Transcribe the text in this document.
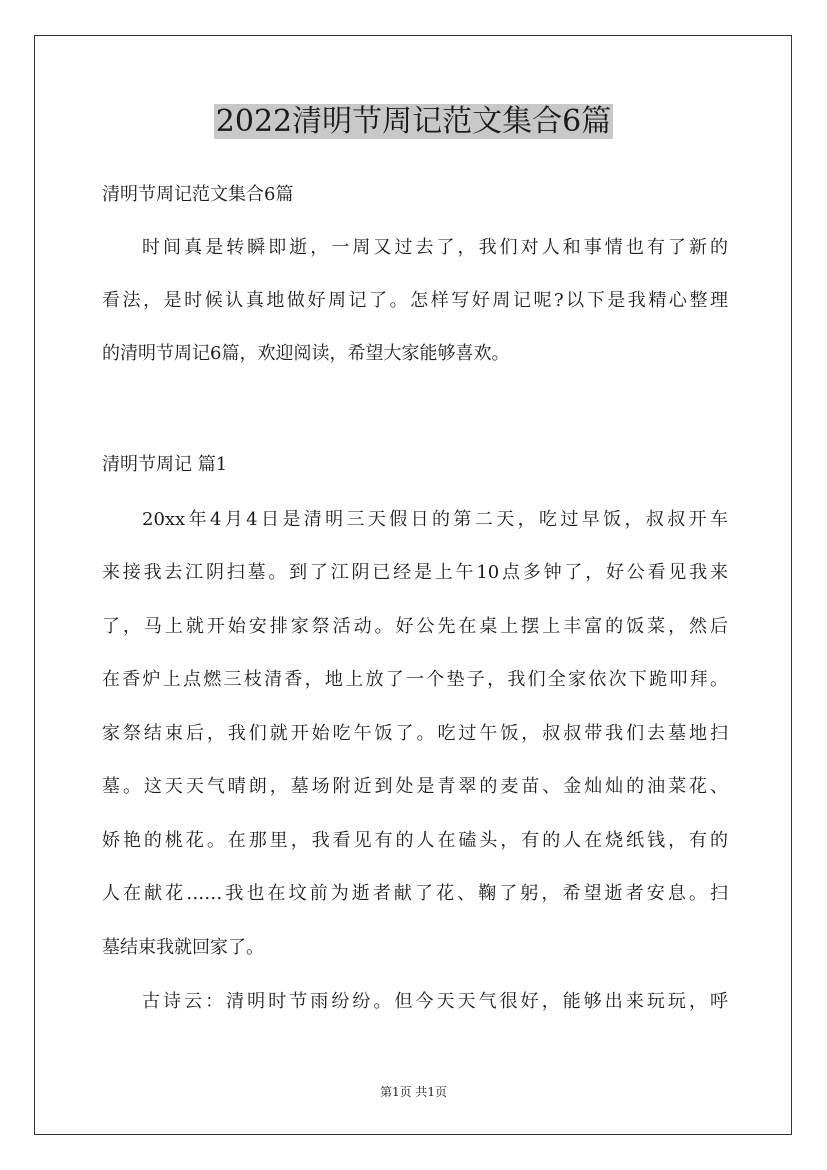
2022清明节周记范文集合6篇
清明节周记范文集合6篇
时间真是转瞬即逝，一周又过去了，我们对人和事情也有了新的
看法，是时候认真地做好周记了。怎样写好周记呢?以下是我精心整理
的清明节周记6篇，欢迎阅读，希望大家能够喜欢。
清明节周记 篇1
20xx年4月4日是清明三天假日的第二天，吃过早饭，叔叔开车
来接我去江阴扫墓。到了江阴已经是上午10点多钟了，好公看见我来
了，马上就开始安排家祭活动。好公先在桌上摆上丰富的饭菜，然后
在香炉上点燃三枝清香，地上放了一个垫子，我们全家依次下跪叩拜。
家祭结束后，我们就开始吃午饭了。吃过午饭，叔叔带我们去墓地扫
墓。这天天气晴朗，墓场附近到处是青翠的麦苗、金灿灿的油菜花、
娇艳的桃花。在那里，我看见有的人在磕头，有的人在烧纸钱，有的
人在献花……我也在坟前为逝者献了花、鞠了躬，希望逝者安息。扫
墓结束我就回家了。
古诗云：清明时节雨纷纷。但今天天气很好，能够出来玩玩，呼
第1页 共1页
